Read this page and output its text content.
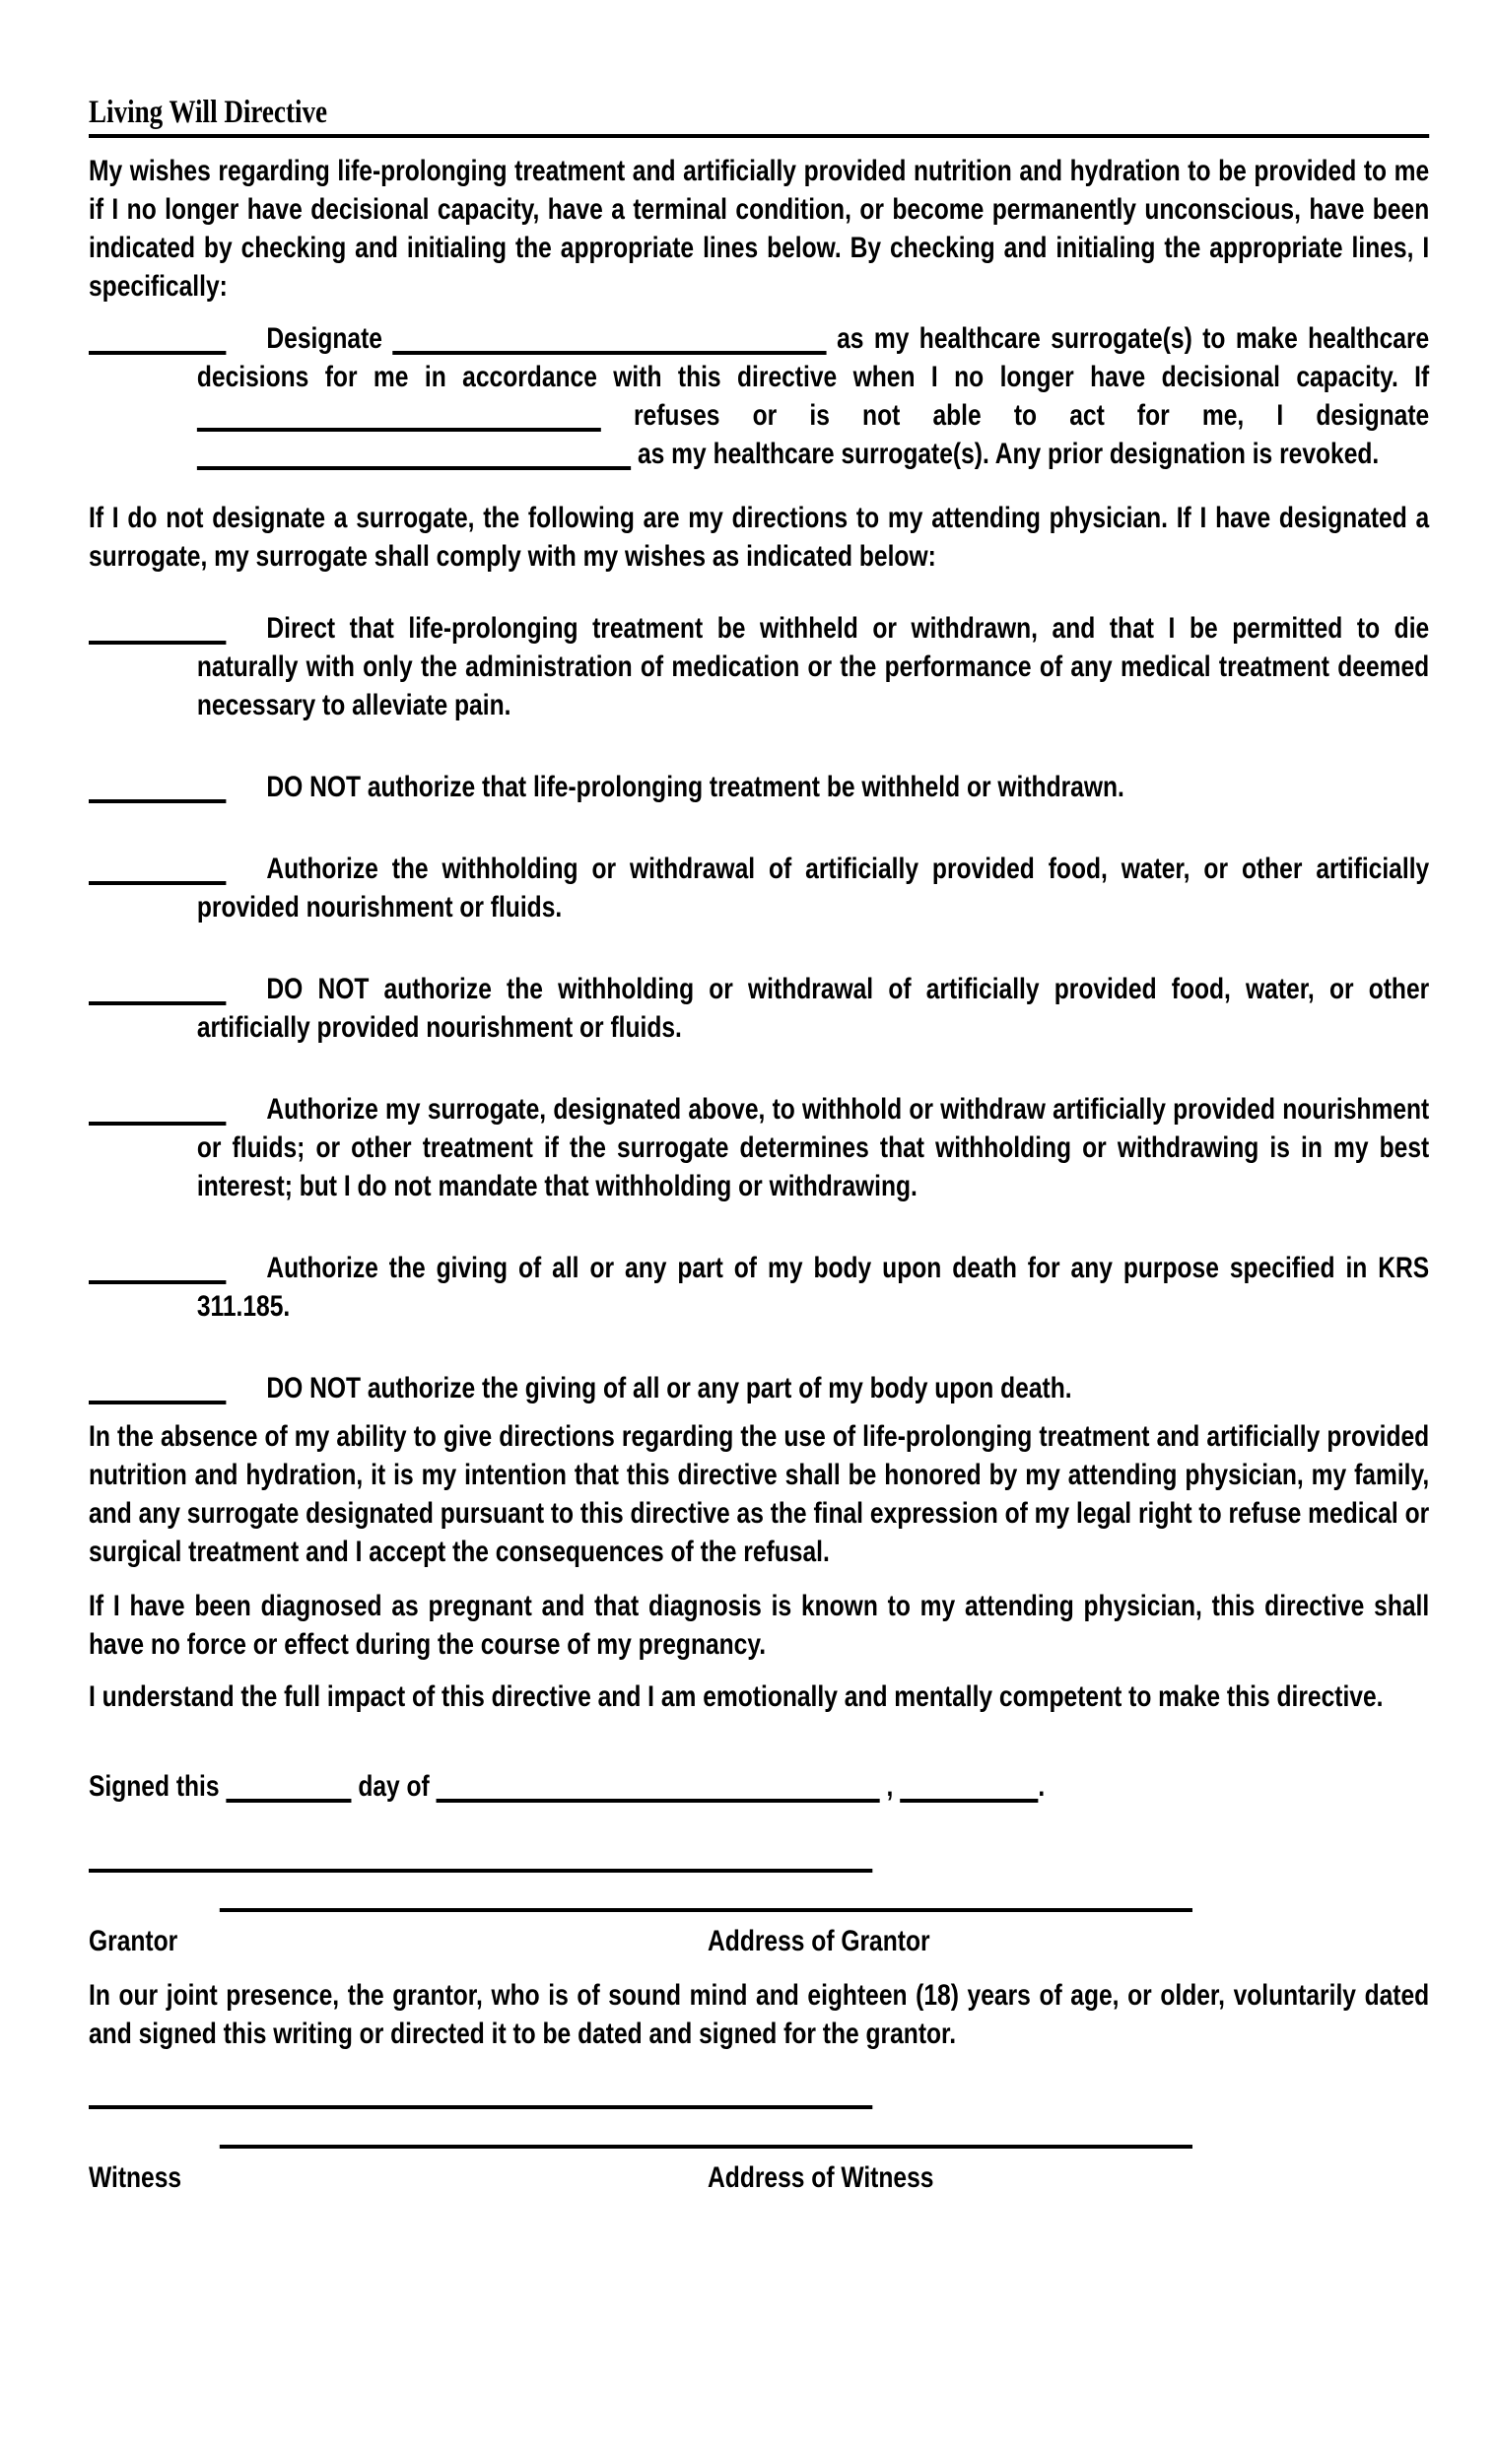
Living Will Directive

My wishes regarding life-prolonging treatment and artificially provided nutrition and hydration to be provided to me if I no longer have decisional capacity, have a terminal condition, or become permanently unconscious, have been indicated by checking and initialing the appropriate lines below. By checking and initialing the appropriate lines, I specifically:

Designate	as my healthcare surrogate(s) to make healthcare decisions for me in accordance with this directive when I no longer have decisional capacity. If  refuses or is not able to act for me, I designate  as my healthcare surrogate(s). Any prior designation is revoked.

If I do not designate a surrogate, the following are my directions to my attending physician. If I have designated a surrogate, my surrogate shall comply with my wishes as indicated below:

Direct that life-prolonging treatment be withheld or withdrawn, and that I be permitted to die naturally with only the administration of medication or the performance of any medical treatment deemed necessary to alleviate pain.
DO NOT authorize that life-prolonging treatment be withheld or withdrawn.
Authorize the withholding or withdrawal of artificially provided food, water, or other artificially provided nourishment or fluids.
DO NOT authorize the withholding or withdrawal of artificially provided food, water, or other artificially provided nourishment or fluids.
Authorize my surrogate, designated above, to withhold or withdraw artificially provided nourishment or fluids; or other treatment if the surrogate determines that withholding or withdrawing is in my best interest; but I do not mandate that withholding or withdrawing.
Authorize the giving of all or any part of my body upon death for any purpose specified in KRS 311.185.
DO NOT authorize the giving of all or any part of my body upon death.

In the absence of my ability to give directions regarding the use of life-prolonging treatment and artificially provided nutrition and hydration, it is my intention that this directive shall be honored by my attending physician, my family, and any surrogate designated pursuant to this directive as the final expression of my legal right to refuse medical or surgical treatment and I accept the consequences of the refusal.

If I have been diagnosed as pregnant and that diagnosis is known to my attending physician, this directive shall have no force or effect during the course of my pregnancy.

I understand the full impact of this directive and I am emotionally and mentally competent to make this directive.

Signed this	day of	,	.
Grantor	Address of Grantor

In our joint presence, the grantor, who is of sound mind and eighteen (18) years of age, or older, voluntarily dated and signed this writing or directed it to be dated and signed for the grantor.

Witness	Address of Witness
